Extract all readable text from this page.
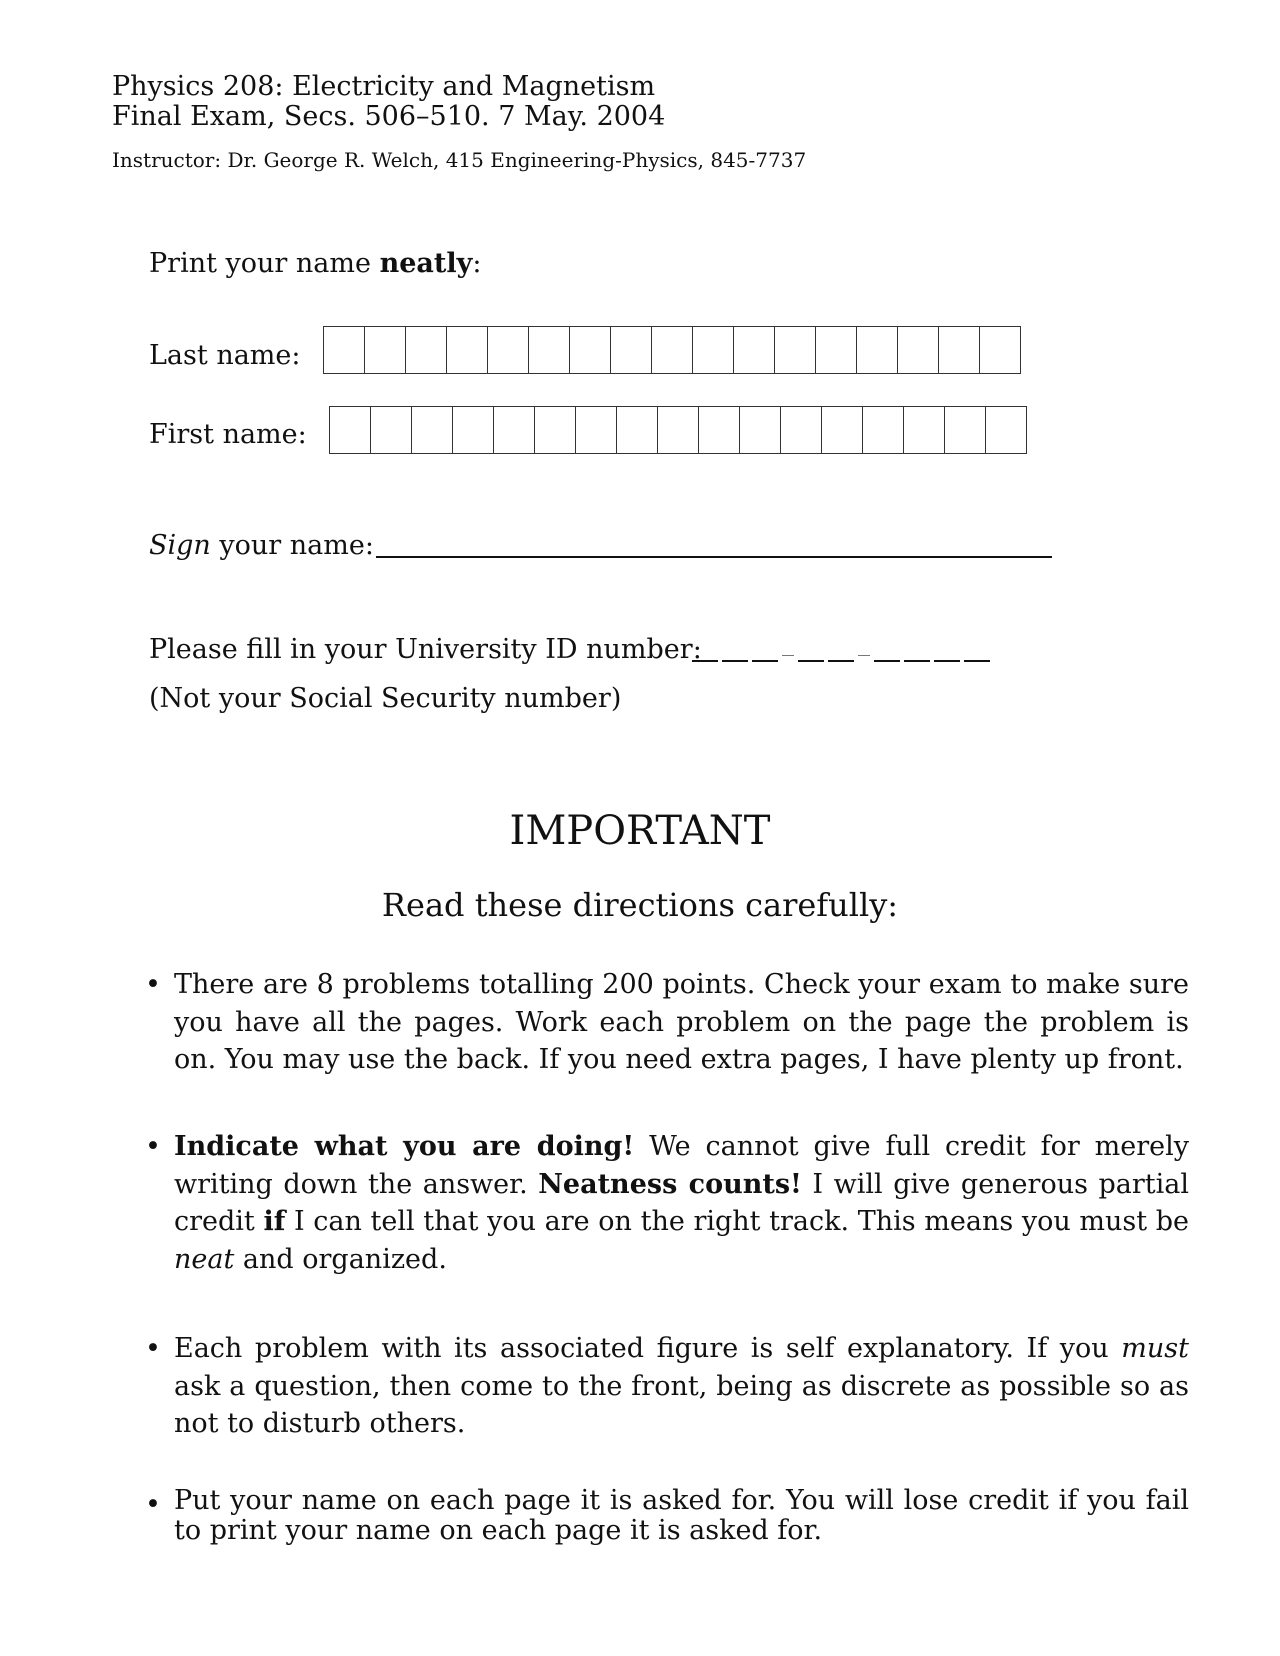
Physics 208: Electricity and Magnetism
Final Exam, Secs. 506–510. 7 May. 2004
Instructor: Dr. George R. Welch, 415 Engineering-Physics, 845-7737
Print your name neatly:
Last name:
First name:
Sign your name:
Please fill in your University ID number:
(Not your Social Security number)
IMPORTANT
Read these directions carefully:
• There are 8 problems totalling 200 points. Check your exam to make sure you have all the pages. Work each problem on the page the problem is on. You may use the back. If you need extra pages, I have plenty up front.
• Indicate what you are doing! We cannot give full credit for merely writing down the answer. Neatness counts! I will give generous partial credit if I can tell that you are on the right track. This means you must be neat and organized.
• Each problem with its associated figure is self explanatory. If you must ask a question, then come to the front, being as discrete as possible so as not to disturb others.
• Put your name on each page it is asked for. You will lose credit if you fail to print your name on each page it is asked for.
